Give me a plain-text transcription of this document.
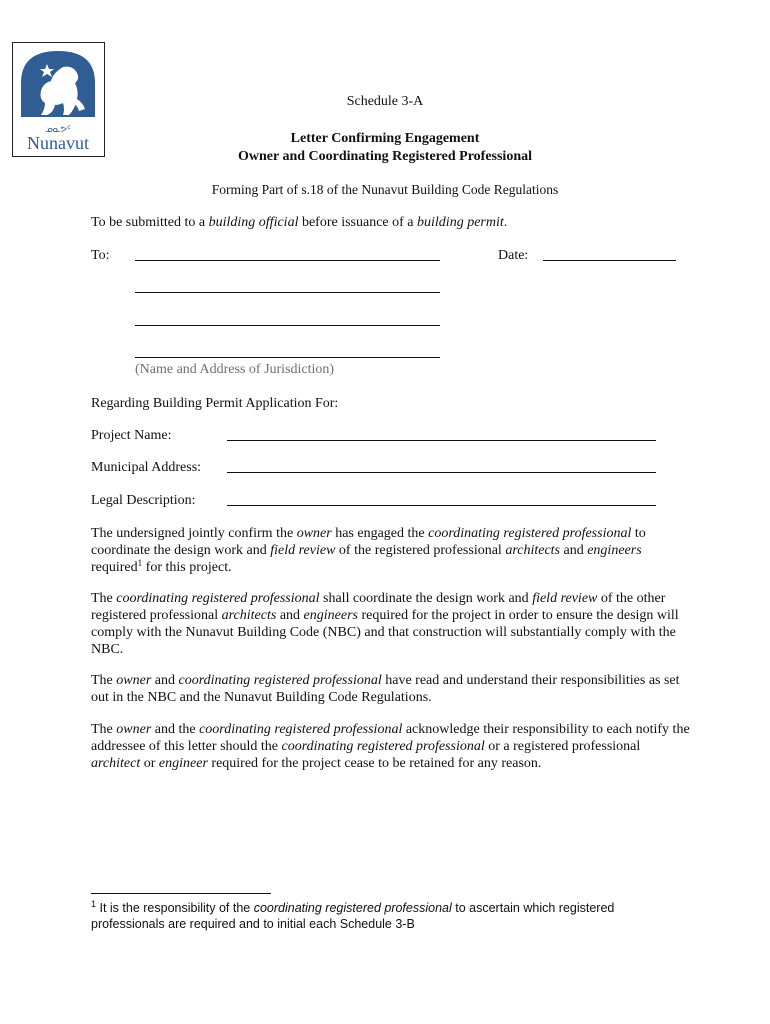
ᓄᓇᕗᑦ
Nunavut
Schedule 3-A
Letter Confirming Engagement
Owner and Coordinating Registered Professional
Forming Part of s.18 of the Nunavut Building Code Regulations
To be submitted to a building official before issuance of a building permit.
To:	Date:
(Name and Address of Jurisdiction)
Regarding Building Permit Application For:
Project Name:
Municipal Address:
Legal Description:
The undersigned jointly confirm the owner has engaged the coordinating registered professional to coordinate the design work and field review of the registered professional architects and engineers required$^1$ for this project.
The coordinating registered professional shall coordinate the design work and field review of the other registered professional architects and engineers required for the project in order to ensure the design will comply with the Nunavut Building Code (NBC) and that construction will substantially comply with the NBC.
The owner and coordinating registered professional have read and understand their responsibilities as set out in the NBC and the Nunavut Building Code Regulations.
The owner and the coordinating registered professional acknowledge their responsibility to each notify the addressee of this letter should the coordinating registered professional or a registered professional architect or engineer required for the project cease to be retained for any reason.
$^1$ It is the responsibility of the coordinating registered professional to ascertain which registered professionals are required and to initial each Schedule 3-B
